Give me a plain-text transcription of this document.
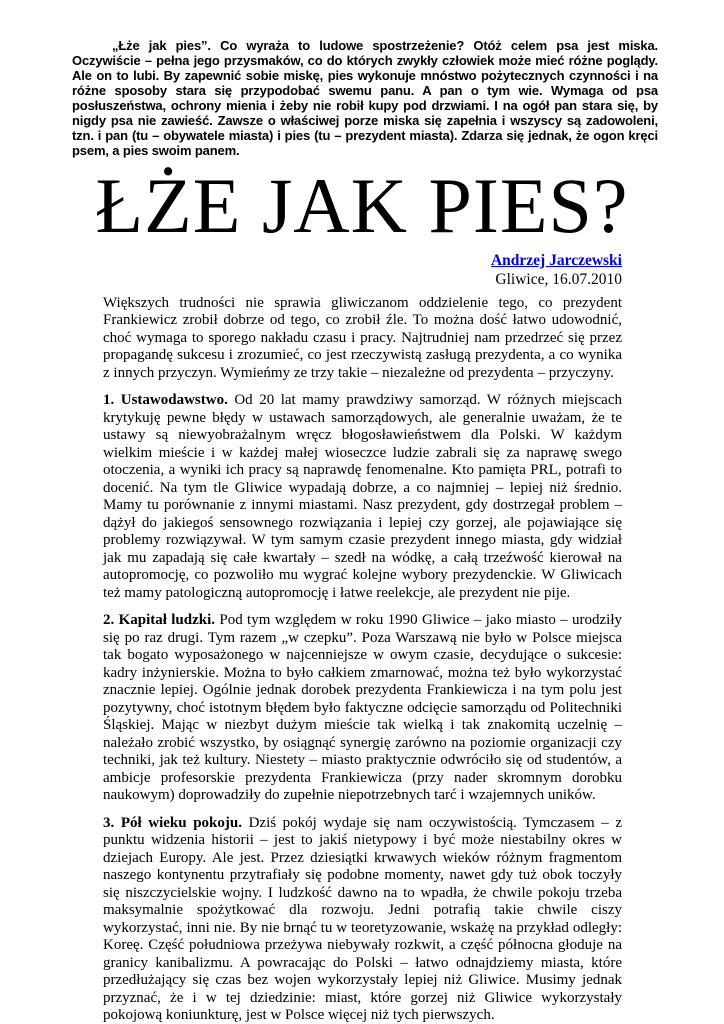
„Łże jak pies”. Co wyraża to ludowe spostrzeżenie? Otóż celem psa jest miska. Oczywiście – pełna jego przysmaków, co do których zwykły człowiek może mieć różne poglądy. Ale on to lubi. By zapewnić sobie miskę, pies wykonuje mnóstwo pożytecznych czynności i na różne sposoby stara się przypodobać swemu panu. A pan o tym wie. Wymaga od psa posłuszeństwa, ochrony mienia i żeby nie robił kupy pod drzwiami. I na ogół pan stara się, by nigdy psa nie zawieść. Zawsze o właściwej porze miska się zapełnia i wszyscy są zadowoleni, tzn. i pan (tu – obywatele miasta) i pies (tu – prezydent miasta). Zdarza się jednak, że ogon kręci psem, a pies swoim panem.

ŁŻE JAK PIES?
Andrzej Jarczewski
Gliwice, 16.07.2010

Większych trudności nie sprawia gliwiczanom oddzielenie tego, co prezydent Frankiewicz zrobił dobrze od tego, co zrobił źle. To można dość łatwo udowodnić, choć wymaga to sporego nakładu czasu i pracy. Najtrudniej nam przedrzeć się przez propagandę sukcesu i zrozumieć, co jest rzeczywistą zasługą prezydenta, a co wynika z innych przyczyn. Wymieńmy ze trzy takie – niezależne od prezydenta – przyczyny.

1. Ustawodawstwo. Od 20 lat mamy prawdziwy samorząd. W różnych miejscach krytykuję pewne błędy w ustawach samorządowych, ale generalnie uważam, że te ustawy są niewyobrażalnym wręcz błogosławieństwem dla Polski. W każdym wielkim mieście i w każdej małej wioseczce ludzie zabrali się za naprawę swego otoczenia, a wyniki ich pracy są naprawdę fenomenalne. Kto pamięta PRL, potrafi to docenić. Na tym tle Gliwice wypadają dobrze, a co najmniej – lepiej niż średnio. Mamy tu porównanie z innymi miastami. Nasz prezydent, gdy dostrzegał problem – dążył do jakiegoś sensownego rozwiązania i lepiej czy gorzej, ale pojawiające się problemy rozwiązywał. W tym samym czasie prezydent innego miasta, gdy widział jak mu zapadają się całe kwartały – szedł na wódkę, a całą trzeźwość kierował na autopromocję, co pozwoliło mu wygrać kolejne wybory prezydenckie. W Gliwicach też mamy patologiczną autopromocję i łatwe reelekcje, ale prezydent nie pije.

2. Kapitał ludzki. Pod tym względem w roku 1990 Gliwice – jako miasto – urodziły się po raz drugi. Tym razem „w czepku”. Poza Warszawą nie było w Polsce miejsca tak bogato wyposażonego w najcenniejsze w owym czasie, decydujące o sukcesie: kadry inżynierskie. Można to było całkiem zmarnować, można też było wykorzystać znacznie lepiej. Ogólnie jednak dorobek prezydenta Frankiewicza i na tym polu jest pozytywny, choć istotnym błędem było faktyczne odcięcie samorządu od Politechniki Śląskiej. Mając w niezbyt dużym mieście tak wielką i tak znakomitą uczelnię – należało zrobić wszystko, by osiągnąć synergię zarówno na poziomie organizacji czy techniki, jak też kultury. Niestety – miasto praktycznie odwróciło się od studentów, a ambicje profesorskie prezydenta Frankiewicza (przy nader skromnym dorobku naukowym) doprowadziły do zupełnie niepotrzebnych tarć i wzajemnych uników.

3. Pół wieku pokoju. Dziś pokój wydaje się nam oczywistością. Tymczasem – z punktu widzenia historii – jest to jakiś nietypowy i być może niestabilny okres w dziejach Europy. Ale jest. Przez dziesiątki krwawych wieków różnym fragmentom naszego kontynentu przytrafiały się podobne momenty, nawet gdy tuż obok toczyły się niszczycielskie wojny. I ludzkość dawno na to wpadła, że chwile pokoju trzeba maksymalnie spożytkować dla rozwoju. Jedni potrafią takie chwile ciszy wykorzystać, inni nie. By nie brnąć tu w teoretyzowanie, wskażę na przykład odległy: Koreę. Część południowa przeżywa niebywały rozkwit, a część północna głoduje na granicy kanibalizmu. A powracając do Polski – łatwo odnajdziemy miasta, które przedłużający się czas bez wojen wykorzystały lepiej niż Gliwice. Musimy jednak przyznać, że i w tej dziedzinie: miast, które gorzej niż Gliwice wykorzystały pokojową koniunkturę, jest w Polsce więcej niż tych pierwszych.
